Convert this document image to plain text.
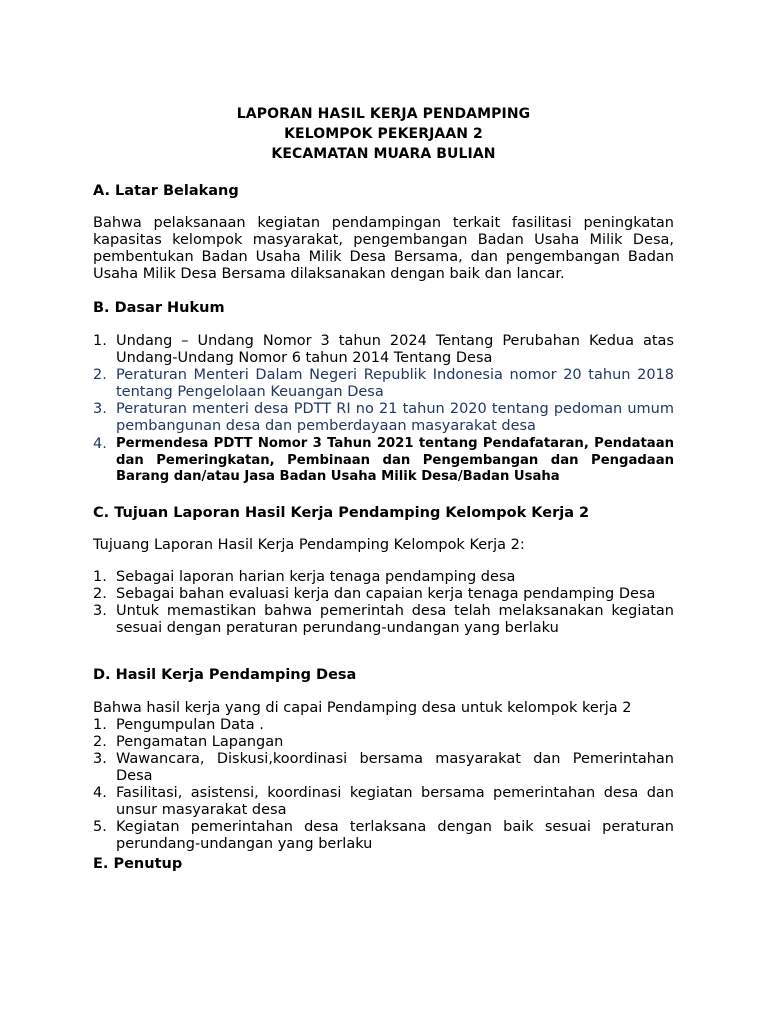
LAPORAN HASIL KERJA PENDAMPING
KELOMPOK PEKERJAAN 2
KECAMATAN MUARA BULIAN
A. Latar Belakang
Bahwa pelaksanaan kegiatan pendampingan terkait fasilitasi peningkatan kapasitas kelompok masyarakat, pengembangan Badan Usaha Milik Desa, pembentukan Badan Usaha Milik Desa Bersama, dan pengembangan Badan Usaha Milik Desa Bersama dilaksanakan dengan baik dan lancar.
B. Dasar Hukum
1. Undang – Undang Nomor 3 tahun 2024 Tentang Perubahan Kedua atas Undang-Undang Nomor 6 tahun 2014 Tentang Desa
2. Peraturan Menteri Dalam Negeri Republik Indonesia nomor 20 tahun 2018 tentang Pengelolaan Keuangan Desa
3. Peraturan menteri desa PDTT RI no 21 tahun 2020 tentang pedoman umum pembangunan desa dan pemberdayaan masyarakat desa
4. Permendesa PDTT Nomor 3 Tahun 2021 tentang Pendafataran, Pendataan dan Pemeringkatan, Pembinaan dan Pengembangan dan Pengadaan Barang dan/atau Jasa Badan Usaha Milik Desa/Badan Usaha
C. Tujuan Laporan Hasil Kerja Pendamping Kelompok Kerja 2
Tujuang Laporan Hasil Kerja Pendamping Kelompok Kerja 2:
1. Sebagai laporan harian kerja tenaga pendamping desa
2. Sebagai bahan evaluasi kerja dan capaian kerja tenaga pendamping Desa
3. Untuk memastikan bahwa pemerintah desa telah melaksanakan kegiatan sesuai dengan peraturan perundang-undangan yang berlaku
D. Hasil Kerja Pendamping Desa
Bahwa hasil kerja yang di capai Pendamping desa untuk kelompok kerja 2
1. Pengumpulan Data .
2. Pengamatan Lapangan
3. Wawancara, Diskusi,koordinasi bersama masyarakat dan Pemerintahan Desa
4. Fasilitasi, asistensi, koordinasi kegiatan bersama pemerintahan desa dan unsur masyarakat desa
5. Kegiatan pemerintahan desa terlaksana dengan baik sesuai peraturan perundang-undangan yang berlaku
E. Penutup
